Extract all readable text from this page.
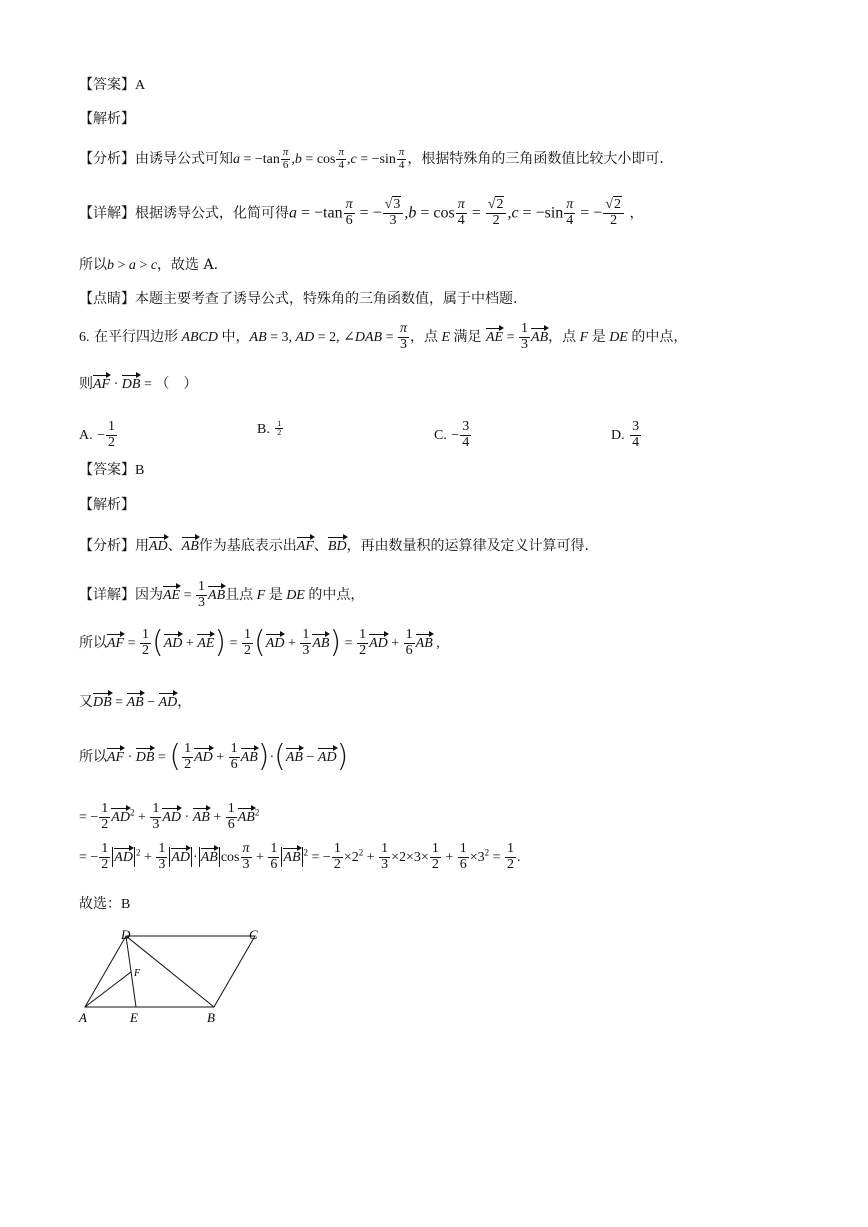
【答案】A
【解析】
【分析】由诱导公式可知$a = -\tan \frac{\pi}{6} ,b = \cos \frac{\pi}{4} ,c = -\sin \frac{\pi}{4}$ ，根据特殊角的三角函数值比较大小即可.
【详解】根据诱导公式，化简可得$a = -\tan \frac{\pi}{6}$ = − $\frac{√3}{3} ,b = \cos \frac{\pi}{4} = \frac{√2}{2} ,c = -\sin \frac{\pi}{4}$ = − $\frac{√2}{2}$ ，
所以b > a > c，故选 A.
【点睛】本题主要考查了诱导公式，特殊角的三角函数值，属于中档题.
6. 在平行四边形 ABCD 中，AB = 3, AD = 2, ∠DAB = $\frac{\pi}{3}$ ，点 E 满足 AE = $\frac{1}{3}$ AB，点 F 是 DE 的中点，
则AF · DB = （　）
A. − $\frac{1}{2}$	B. $\frac{1}{2}$	C. − $\frac{3}{4}$	D. $\frac{3}{4}$
【答案】B
【解析】
【分析】用AD、AB作为基底表示出AF、BD，再由数量积的运算律及定义计算可得.
【详解】因为AE = $\frac{1}{3}$ AB且点 F 是 DE 的中点，
所以AF = $\frac{1}{2} (AD + AE) = \frac{1}{2} (AD + \frac{1}{3} AB) = \frac{1}{2}$ AD + $\frac{1}{6}$ AB ,
又DB = AB − AD，
所以AF · DB = ( $\frac{1}{2}$ AD + $\frac{1}{6} AB)\cdot(AB - AD)$
= − $\frac{1}{2} AD^2 + \frac{1}{3}$ AD · AB + $\frac{1}{6} AB^2$
= − $\frac{1}{2}$ AD $^2 + \frac{1}{3}$ AD · AB $\cos \frac{\pi}{3} + \frac{1}{6}$ AB $^2$ = − $\frac{1}{2} \times 2^2 + \frac{1}{3} \times 2\times 3\times \frac{1}{2} + \frac{1}{6} \times 3^2 = \frac{1}{2}$ .
故选：B
D	C
A	E	B
F
